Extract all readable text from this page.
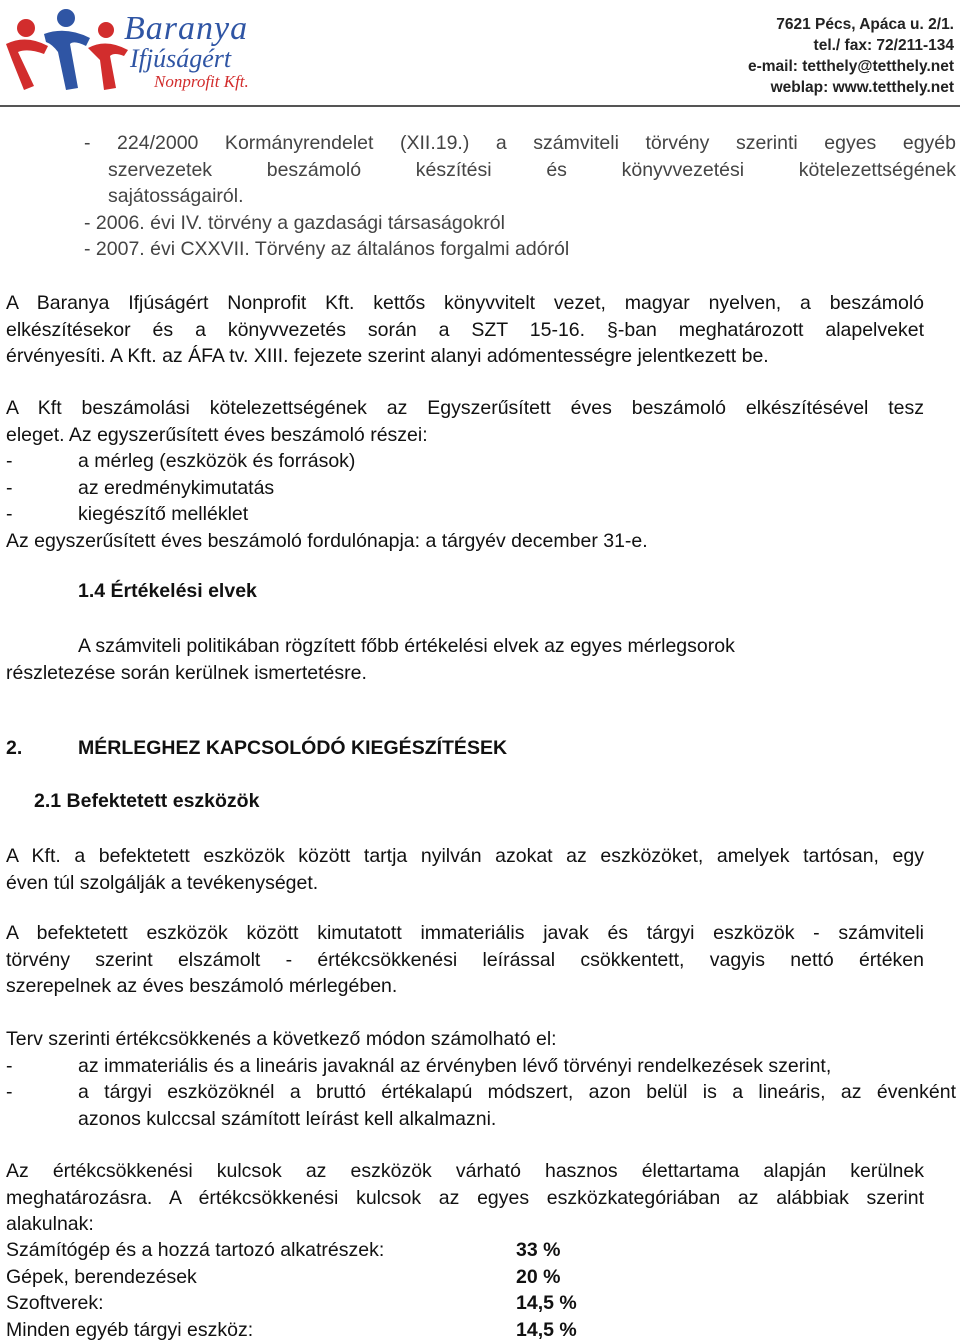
Baranya
Ifjúságért
Nonprofit Kft.
7621 Pécs, Apáca u. 2/1.
tel./ fax: 72/211-134
e-mail: tetthely@tetthely.net
weblap: www.tetthely.net
- 224/2000 Kormányrendelet (XII.19.) a számviteli törvény szerinti egyes egyéb
szervezetek beszámoló készítési és könyvvezetési kötelezettségének
sajátosságairól.
- 2006. évi IV. törvény a gazdasági társaságokról
- 2007. évi CXXVII. Törvény az általános forgalmi adóról
A Baranya Ifjúságért Nonprofit Kft. kettős könyvvitelt vezet, magyar nyelven, a beszámoló
elkészítésekor és a könyvvezetés során a SZT 15-16. §-ban meghatározott alapelveket
érvényesíti. A Kft. az ÁFA tv. XIII. fejezete szerint alanyi adómentességre jelentkezett be.
A Kft beszámolási kötelezettségének az Egyszerűsített éves beszámoló elkészítésével tesz
eleget. Az egyszerűsített éves beszámoló részei:
-	a mérleg (eszközök és források)
-	az eredménykimutatás
-	kiegészítő melléklet
Az egyszerűsített éves beszámoló fordulónapja: a tárgyév december 31-e.
1.4 Értékelési elvek
A számviteli politikában rögzített főbb értékelési elvek az egyes mérlegsorok
részletezése során kerülnek ismertetésre.
2.	MÉRLEGHEZ KAPCSOLÓDÓ KIEGÉSZÍTÉSEK
2.1 Befektetett eszközök
A Kft. a befektetett eszközök között tartja nyilván azokat az eszközöket, amelyek tartósan, egy
éven túl szolgálják a tevékenységet.
A befektetett eszközök között kimutatott immateriális javak és tárgyi eszközök - számviteli
törvény szerint elszámolt - értékcsökkenési leírással csökkentett, vagyis nettó értéken
szerepelnek az éves beszámoló mérlegében.
Terv szerinti értékcsökkenés a következő módon számolható el:
-	az immateriális és a lineáris javaknál az érvényben lévő törvényi rendelkezések szerint,
-	a tárgyi eszközöknél a bruttó értékalapú módszert, azon belül is a lineáris, az évenként
azonos kulccsal számított leírást kell alkalmazni.
Az értékcsökkenési kulcsok az eszközök várható hasznos élettartama alapján kerülnek
meghatározásra. A értékcsökkenési kulcsok az egyes eszközkategóriában az alábbiak szerint
alakulnak:
Számítógép és a hozzá tartozó alkatrészek:	33 %
Gépek, berendezések	20 %
Szoftverek:	14,5 %
Minden egyéb tárgyi eszköz:	14,5 %
